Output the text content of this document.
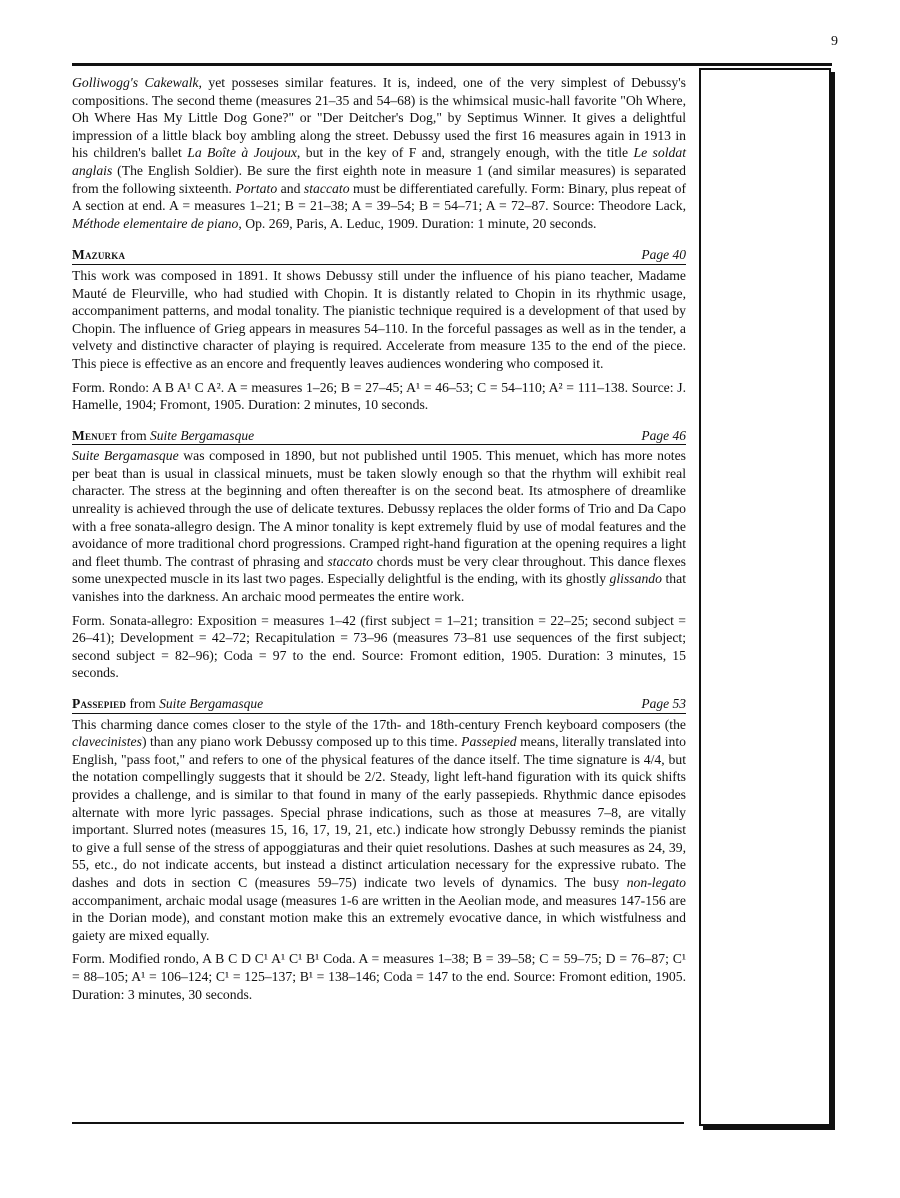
9

Golliwogg's Cakewalk, yet posseses similar features. It is, indeed, one of the very simplest of Debussy's compositions. The second theme (measures 21–35 and 54–68) is the whimsical music-hall favorite "Oh Where, Oh Where Has My Little Dog Gone?" or "Der Deitcher's Dog," by Septimus Winner. It gives a delightful impression of a little black boy ambling along the street. Debussy used the first 16 measures again in 1913 in his children's ballet La Boîte à Joujoux, but in the key of F and, strangely enough, with the title Le soldat anglais (The English Soldier). Be sure the first eighth note in measure 1 (and similar measures) is separated from the following sixteenth. Portato and staccato must be differentiated carefully. Form: Binary, plus repeat of A section at end. A = measures 1–21; B = 21–38; A = 39–54; B = 54–71; A = 72–87. Source: Theodore Lack, Méthode elementaire de piano, Op. 269, Paris, A. Leduc, 1909. Duration: 1 minute, 20 seconds.

Mazurka	Page 40

This work was composed in 1891. It shows Debussy still under the influence of his piano teacher, Madame Mauté de Fleurville, who had studied with Chopin. It is distantly related to Chopin in its rhythmic usage, accompaniment patterns, and modal tonality. The pianistic technique required is a development of that used by Chopin. The influence of Grieg appears in measures 54–110. In the forceful passages as well as in the tender, a velvety and distinctive character of playing is required. Accelerate from measure 135 to the end of the piece. This piece is effective as an encore and frequently leaves audiences wondering who composed it.

Form. Rondo: A B A¹ C A². A = measures 1–26; B = 27–45; A¹ = 46–53; C = 54–110; A² = 111–138. Source: J. Hamelle, 1904; Fromont, 1905. Duration: 2 minutes, 10 seconds.

Menuet from Suite Bergamasque	Page 46

Suite Bergamasque was composed in 1890, but not published until 1905. This menuet, which has more notes per beat than is usual in classical minuets, must be taken slowly enough so that the rhythm will exhibit real character. The stress at the beginning and often thereafter is on the second beat. Its atmosphere of dreamlike unreality is achieved through the use of delicate textures. Debussy replaces the older forms of Trio and Da Capo with a free sonata-allegro design. The A minor tonality is kept extremely fluid by use of modal features and the avoidance of more traditional chord progressions. Cramped right-hand figuration at the opening requires a light and fleet thumb. The contrast of phrasing and staccato chords must be very clear throughout. This dance flexes some unexpected muscle in its last two pages. Especially delightful is the ending, with its ghostly glissando that vanishes into the darkness. An archaic mood permeates the entire work.

Form. Sonata-allegro: Exposition = measures 1–42 (first subject = 1–21; transition = 22–25; second subject = 26–41); Development = 42–72; Recapitulation = 73–96 (measures 73–81 use sequences of the first subject; second subject = 82–96); Coda = 97 to the end. Source: Fromont edition, 1905. Duration: 3 minutes, 15 seconds.

Passepied from Suite Bergamasque	Page 53

This charming dance comes closer to the style of the 17th- and 18th-century French keyboard composers (the clavecinistes) than any piano work Debussy composed up to this time. Passepied means, literally translated into English, "pass foot," and refers to one of the physical features of the dance itself. The time signature is 4/4, but the notation compellingly suggests that it should be 2/2. Steady, light left-hand figuration with its quick shifts provides a challenge, and is similar to that found in many of the early passepieds. Rhythmic dance episodes alternate with more lyric passages. Special phrase indications, such as those at measures 7–8, are vitally important. Slurred notes (measures 15, 16, 17, 19, 21, etc.) indicate how strongly Debussy reminds the pianist to give a full sense of the stress of appoggiaturas and their quiet resolutions. Dashes at such measures as 24, 39, 55, etc., do not indicate accents, but instead a distinct articulation necessary for the expressive rubato. The dashes and dots in section C (measures 59–75) indicate two levels of dynamics. The busy non-legato accompaniment, archaic modal usage (measures 1-6 are written in the Aeolian mode, and measures 147-156 are in the Dorian mode), and constant motion make this an extremely evocative dance, in which wistfulness and gaiety are mixed equally.

Form. Modified rondo, A B C D C¹ A¹ C¹ B¹ Coda. A = measures 1–38; B = 39–58; C = 59–75; D = 76–87; C¹ = 88–105; A¹ = 106–124; C¹ = 125–137; B¹ = 138–146; Coda = 147 to the end. Source: Fromont edition, 1905. Duration: 3 minutes, 30 seconds.
